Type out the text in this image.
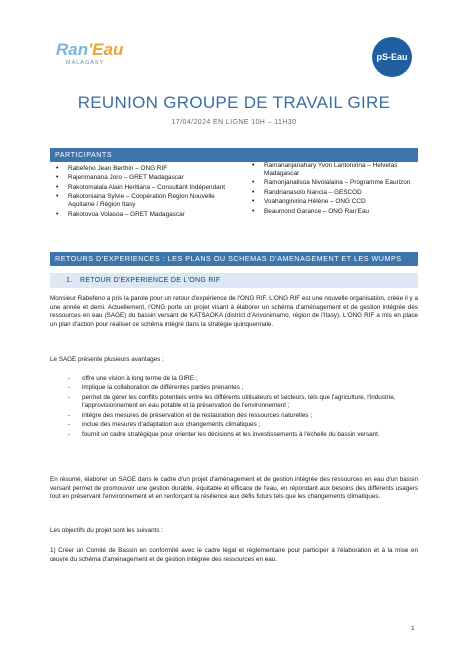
Ran'Eau
MALAGASY
pS-Eau
REUNION GROUPE DE TRAVAIL GIRE
17/04/2024 EN LIGNE 10H – 11H30
PARTICIPANTS
• Rabefeno Jean Berthin – ONG RIF
• Rajerimanana Joro – GRET Madagascar
• Rakotomalala Alain Heritiana – Consultant Indépendant
• Rakotoniaina Sylvie – Coopération Région Nouvelle Aquitaine / Région Itasy
• Rakotovoa Volasoa – GRET Madagascar
• Ramananjanahary Yvon Lantonirina – Helvetas Madagascar
• Ramonjanalisoa Nivolalaina – Programme Eaurizon
• Randrianasolo Nancia – GESCOD
• Voahanginirina Hélène – ONG CCD
• Beaumond Garance – ONG Ran'Eau
RETOURS D'EXPERIENCES : LES PLANS OU SCHEMAS D'AMENAGEMENT ET LES WUMPS
1. RETOUR D'EXPERIENCE DE L'ONG RIF

Monsieur Rabefeno a pris la parole pour un retour d'expérience de l'ONG RIF. L'ONG RIF est une nouvelle organisation, créée il y a une année et demi. Actuellement, l'ONG porte un projet visant à élaborer un schéma d'aménagement et de gestion intégrée des ressources en eau (SAGE) du bassin versant de KATSAOKA (district d'Arivonimamo, région de l'Itasy). L'ONG RIF a mis en place un plan d'action pour réaliser ce schéma intégré dans la stratégie quinquennale.

Le SAGE présente plusieurs avantages :

- offre une vision à long terme de la GIRE ;
- implique la collaboration de différentes parties prenantes ;
- permet de gérer les conflits potentiels entre les différents utilisateurs et secteurs, tels que l'agriculture, l'industrie, l'approvisionnement en eau potable et la préservation de l'environnement ;
- intègre des mesures de préservation et de restauration des ressources naturelles ;
- inclue des mesures d'adaptation aux changements climatiques ;
- fournit un cadre stratégique pour orienter les décisions et les investissements à l'échelle du bassin versant.

En résumé, élaborer un SAGE dans le cadre d'un projet d'aménagement et de gestion intégrée des ressources en eau d'un bassin versant permet de promouvoir une gestion durable, équitable et efficace de l'eau, en répondant aux besoins des différents usagers tout en préservant l'environnement et en renforçant la résilience aux défis futurs tels que les changements climatiques.

Les objectifs du projet sont les suivants :

1) Créer un Comité de Bassin en conformité avec le cadre légal et réglementaire pour participer à l'élaboration et à la mise en œuvre du schéma d'aménagement et de gestion intégrée des ressources en eau.

1
